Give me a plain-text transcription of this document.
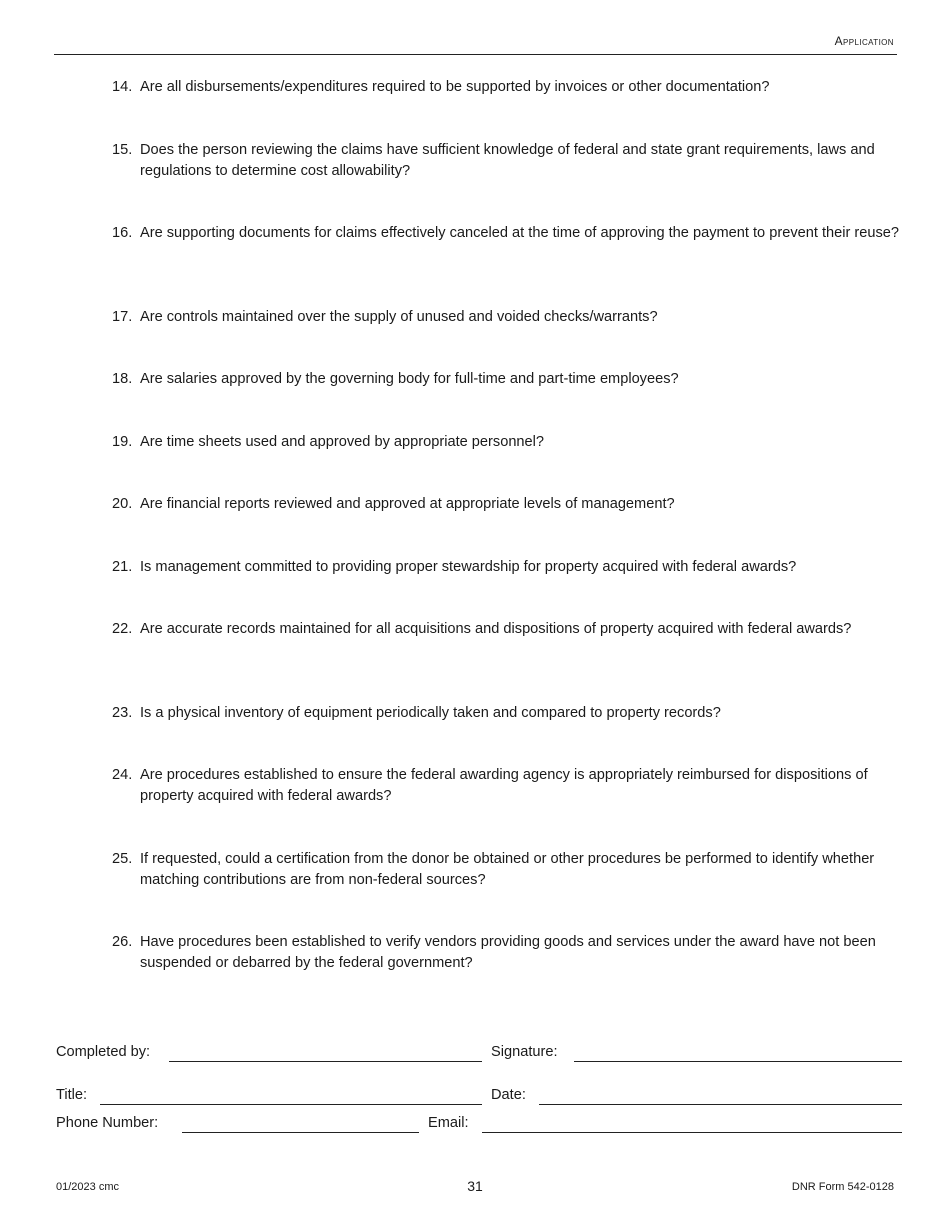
Application
14. Are all disbursements/expenditures required to be supported by invoices or other documentation?
15. Does the person reviewing the claims have sufficient knowledge of federal and state grant requirements, laws and regulations to determine cost allowability?
16. Are supporting documents for claims effectively canceled at the time of approving the payment to prevent their reuse?
17. Are controls maintained over the supply of unused and voided checks/warrants?
18. Are salaries approved by the governing body for full-time and part-time employees?
19. Are time sheets used and approved by appropriate personnel?
20. Are financial reports reviewed and approved at appropriate levels of management?
21. Is management committed to providing proper stewardship for property acquired with federal awards?
22. Are accurate records maintained for all acquisitions and dispositions of property acquired with federal awards?
23. Is a physical inventory of equipment periodically taken and compared to property records?
24. Are procedures established to ensure the federal awarding agency is appropriately reimbursed for dispositions of property acquired with federal awards?
25. If requested, could a certification from the donor be obtained or other procedures be performed to identify whether matching contributions are from non-federal sources?
26. Have procedures been established to verify vendors providing goods and services under the award have not been suspended or debarred by the federal government?
Completed by:	Signature:
Title:	Date:
Phone Number:	Email:
01/2023 cmc	31	DNR Form 542-0128
